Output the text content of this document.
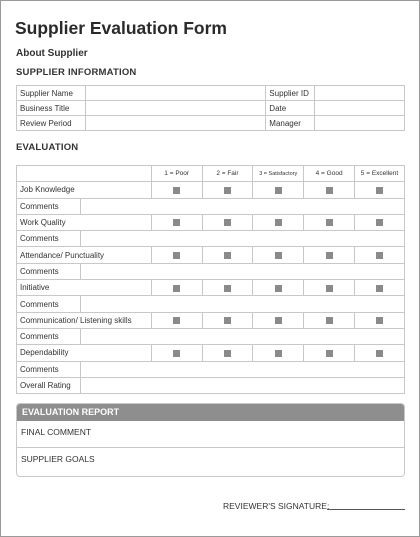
Supplier Evaluation Form
About Supplier
SUPPLIER INFORMATION
Supplier Name		Supplier ID	
Business Title		Date	
Review Period		Manager	
EVALUATION
		1 = Poor	2 = Fair	3 = Satisfactory	4 = Good	5 = Excellent
Job Knowledge						
Comments						
Work Quality						
Comments						
Attendance/ Punctuality						
Comments						
Initiative						
Comments						
Communication/ Listening skills						
Comments						
Dependability						
Comments						
Overall Rating						
EVALUATION REPORT
FINAL COMMENT
SUPPLIER GOALS
REVIEWER'S SIGNATURE:
